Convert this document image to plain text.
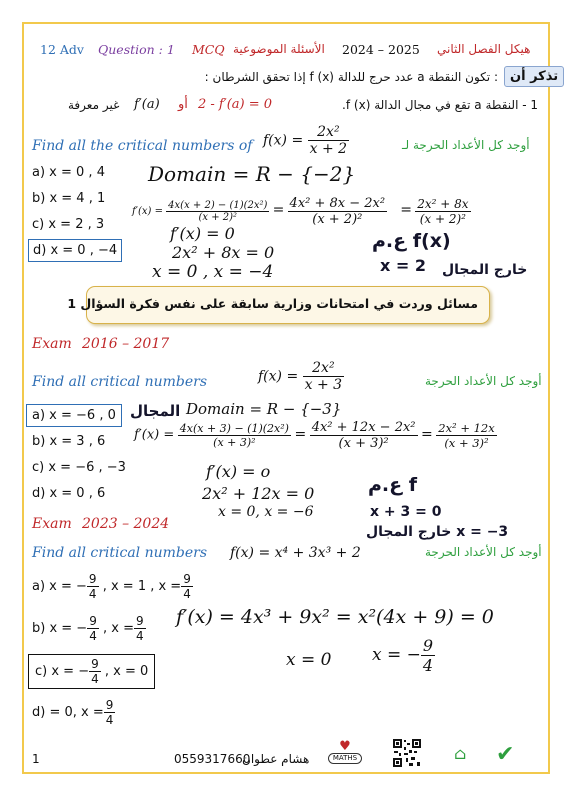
12 Adv Question : 1 MCQ الأسئلة الموضوعية 2024 – 2025 هيكل الفصل الثاني
تذكر أن
: تكون النقطة a عدد حرج للدالة f (x) إذا تحقق الشرطان :
1 - النقطة a تقع في مجال الدالة f (x).
2 - f′(a) = 0
أو
f′(a)
غير معرفة
Find all the critical numbers of $f(x) = \frac{\text{2x²}}{x + 2}$	أوجد كل الأعداد الحرجة لـ
a) x = 0 , 4
b) x = 4 , 1
c) x = 2 , 3
d) x = 0 , −4
Domain = R − {−2}
$f'(x) = \frac{\text{4x(x + 2) − (1)(2x²)}}{\text{(x + 2)²}} = \frac{\text{4x² + 8x − 2x²}}{\text{(x + 2)²}} = \frac{\text{2x² + 8x}}{\text{(x + 2)²}}$
f′(x) = 0
2x² + 8x = 0
x = 0 , x = −4
ع.م f(x)
x = 2 خارج المجال
مسائل وردت في امتحانات وزارية سابقة على نفس فكرة السؤال 1
Exam 2016 – 2017
Find all critical numbers	$f(x) = \frac{\text{2x²}}{x + 3}$	أوجد كل الأعداد الحرجة
a) x = −6 , 0
b) x = 3 , 6
c) x = −6 , −3
d) x = 0 , 6
المجال Domain = R − {−3}
$f'(x) = \frac{\text{4x(x + 3) − (1)(2x²)}}{\text{(x + 3)²}} = \frac{\text{4x² + 12x − 2x²}}{\text{(x + 3)²}} = \frac{\text{2x² + 12x}}{\text{(x + 3)²}}$
f′(x) = o
2x² + 12x = 0
x = 0, x = −6
ع.م f
x + 3 = 0
x = −3 خارج المجال
Exam 2023 – 2024
Find all critical numbers f(x) = x⁴ + 3x³ + 2	أوجد كل الأعداد الحرجة
a) x = − $\frac{9}{4}$ , x = 1 , $x = \frac{9}{4}$
b) x = − $\frac{9}{4}$ , $x = \frac{9}{4}$
c) x = − $\frac{9}{4}$ , x = 0
d) = 0, $x = \frac{9}{4}$
f′(x) = 4x³ + 9x² = x²(4x + 9) = 0
x = 0 x = − $\frac{9}{4}$
1	0559317660
هشام عطوان
♥
MATHS	⌂ ✔
